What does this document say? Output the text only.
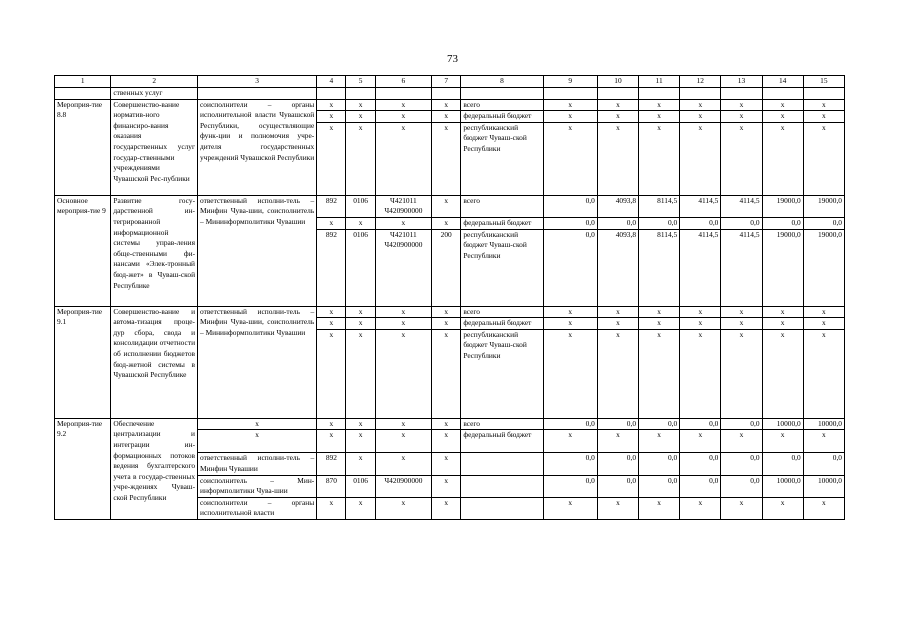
73
1	2	3	4	5	6	7	8	9	10	11	12	13	14	15
	ственных услуг													
Мероприя-тие 8.8	Совершенство-вание норматив-ного финансиро-вания оказания государственных услуг государ-ственными учреждениями Чувашской Рес-публики	соисполнители – органы исполнительной власти Чувашской Республики, осуществляющие функ-ции и полномочия учре-дителя государственных учреждений Чувашской Республики	x	x	x	x	всего	x	x	x	x	x	x	x
			x	x	x	x	федеральный бюджет	x	x	x	x	x	x	x
			x	x	x	x	республиканский бюджет Чуваш-ской Республики	x	x	x	x	x	x	x
Основное мероприя-тие 9	Развитие госу-дарственной ин-тегрированной информационной системы управ-ления обще-ственными фи-нансами «Элек-тронный бюд-жет» в Чуваш-ской Республике	ответственный исполни-тель – Минфин Чува-шии, соисполнитель – Мининформполитики Чувашии	892	0106	Ч421011 Ч420900000	x	всего	0,0	4093,8	8114,5	4114,5	4114,5	19000,0	19000,0
			x	x	x	x	федеральный бюджет	0,0	0,0	0,0	0,0	0,0	0,0	0,0
			892	0106	Ч421011 Ч420900000	200	республиканский бюджет Чуваш-ской Республики	0,0	4093,8	8114,5	4114,5	4114,5	19000,0	19000,0
Мероприя-тие 9.1	Совершенство-вание и автома-тизация проце-дур сбора, свода и консолидации отчетности об исполнении бюджетов бюд-жетной системы в Чувашской Республике	ответственный исполни-тель – Минфин Чува-шии, соисполнитель – Мининформполитики Чувашии	x	x	x	x	всего	x	x	x	x	x	x	x
			x	x	x	x	федеральный бюджет	x	x	x	x	x	x	x
			x	x	x	x	республиканский бюджет Чуваш-ской Республики	x	x	x	x	x	x	x
Мероприя-тие 9.2	Обеспечение централизации и интеграции ин-формационных потоков ведения бухгалтерского учета в государ-ственных учре-ждениях Чуваш-ской Республики	x	x	x	x	x	всего	0,0	0,0	0,0	0,0	0,0	10000,0	10000,0
		x	x	x	x	x	федеральный бюджет	x	x	x	x	x	x	x
		ответственный исполни-тель – Минфин Чувашии	892	x	x	x		0,0	0,0	0,0	0,0	0,0	0,0	0,0
		соисполнитель – Мин-информполитики Чува-шии	870	0106	Ч420900000	x		0,0	0,0	0,0	0,0	0,0	10000,0	10000,0
		соисполнители – органы исполнительной власти	x	x	x	x		x	x	x	x	x	x	x
